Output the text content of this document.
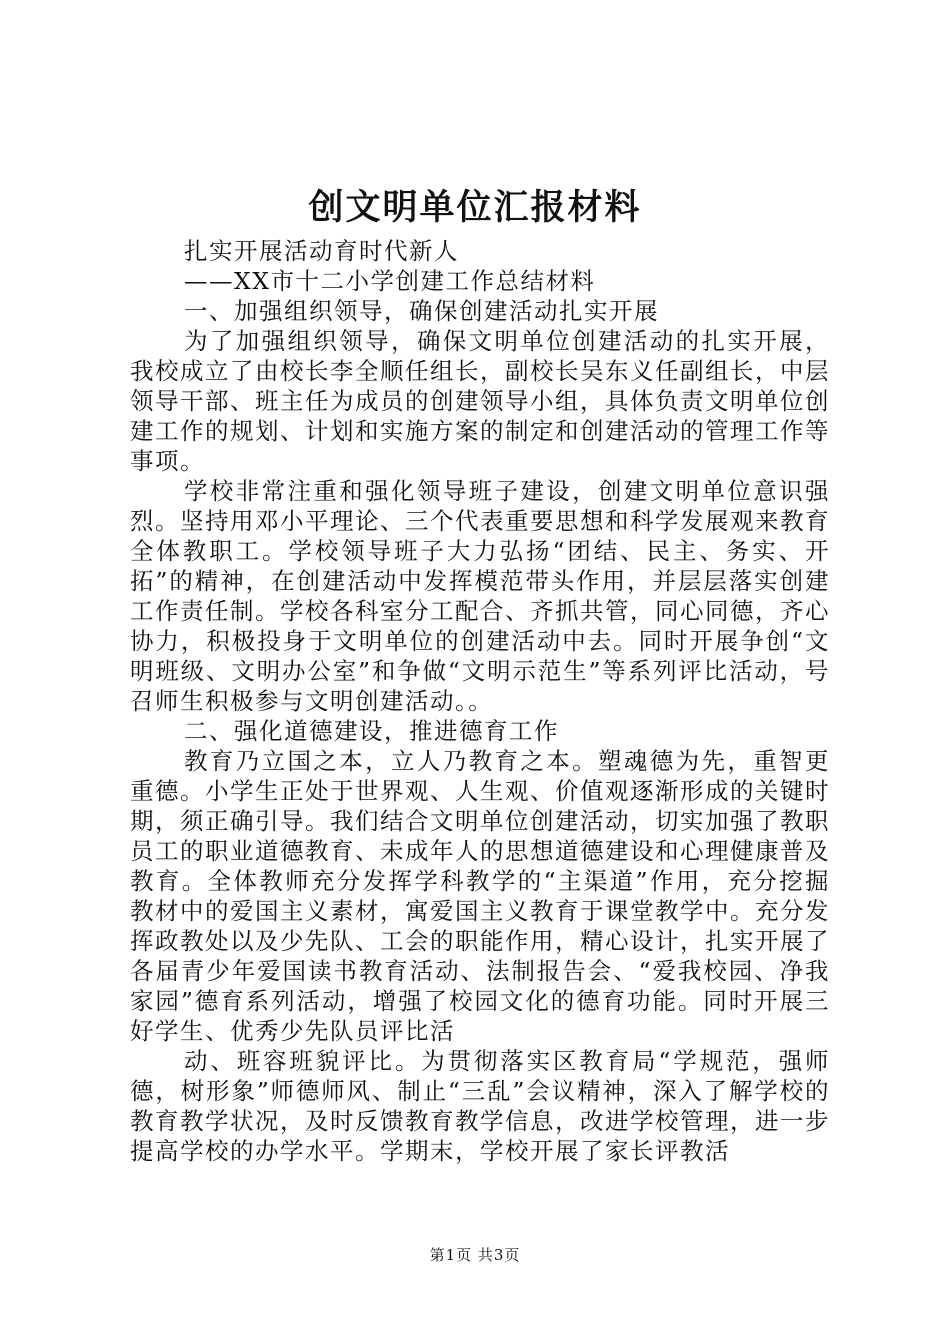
创文明单位汇报材料

扎实开展活动育时代新人

——XX市十二小学创建工作总结材料

一、加强组织领导，确保创建活动扎实开展

为了加强组织领导，确保文明单位创建活动的扎实开展，我校成立了由校长李全顺任组长，副校长吴东义任副组长，中层领导干部、班主任为成员的创建领导小组，具体负责文明单位创建工作的规划、计划和实施方案的制定和创建活动的管理工作等事项。

学校非常注重和强化领导班子建设，创建文明单位意识强烈。坚持用邓小平理论、三个代表重要思想和科学发展观来教育全体教职工。学校领导班子大力弘扬“团结、民主、务实、开拓”的精神，在创建活动中发挥模范带头作用，并层层落实创建工作责任制。学校各科室分工配合、齐抓共管，同心同德，齐心协力，积极投身于文明单位的创建活动中去。同时开展争创“文明班级、文明办公室”和争做“文明示范生”等系列评比活动，号召师生积极参与文明创建活动。。

二、强化道德建设，推进德育工作

教育乃立国之本，立人乃教育之本。塑魂德为先，重智更重德。小学生正处于世界观、人生观、价值观逐渐形成的关键时期，须正确引导。我们结合文明单位创建活动，切实加强了教职员工的职业道德教育、未成年人的思想道德建设和心理健康普及教育。全体教师充分发挥学科教学的“主渠道”作用，充分挖掘教材中的爱国主义素材，寓爱国主义教育于课堂教学中。充分发挥政教处以及少先队、工会的职能作用，精心设计，扎实开展了各届青少年爱国读书教育活动、法制报告会、“爱我校园、净我家园”德育系列活动，增强了校园文化的德育功能。同时开展三好学生、优秀少先队员评比活

动、班容班貌评比。为贯彻落实区教育局“学规范，强师德，树形象”师德师风、制止“三乱”会议精神，深入了解学校的教育教学状况，及时反馈教育教学信息，改进学校管理，进一步提高学校的办学水平。学期末，学校开展了家长评教活

第1页 共3页
